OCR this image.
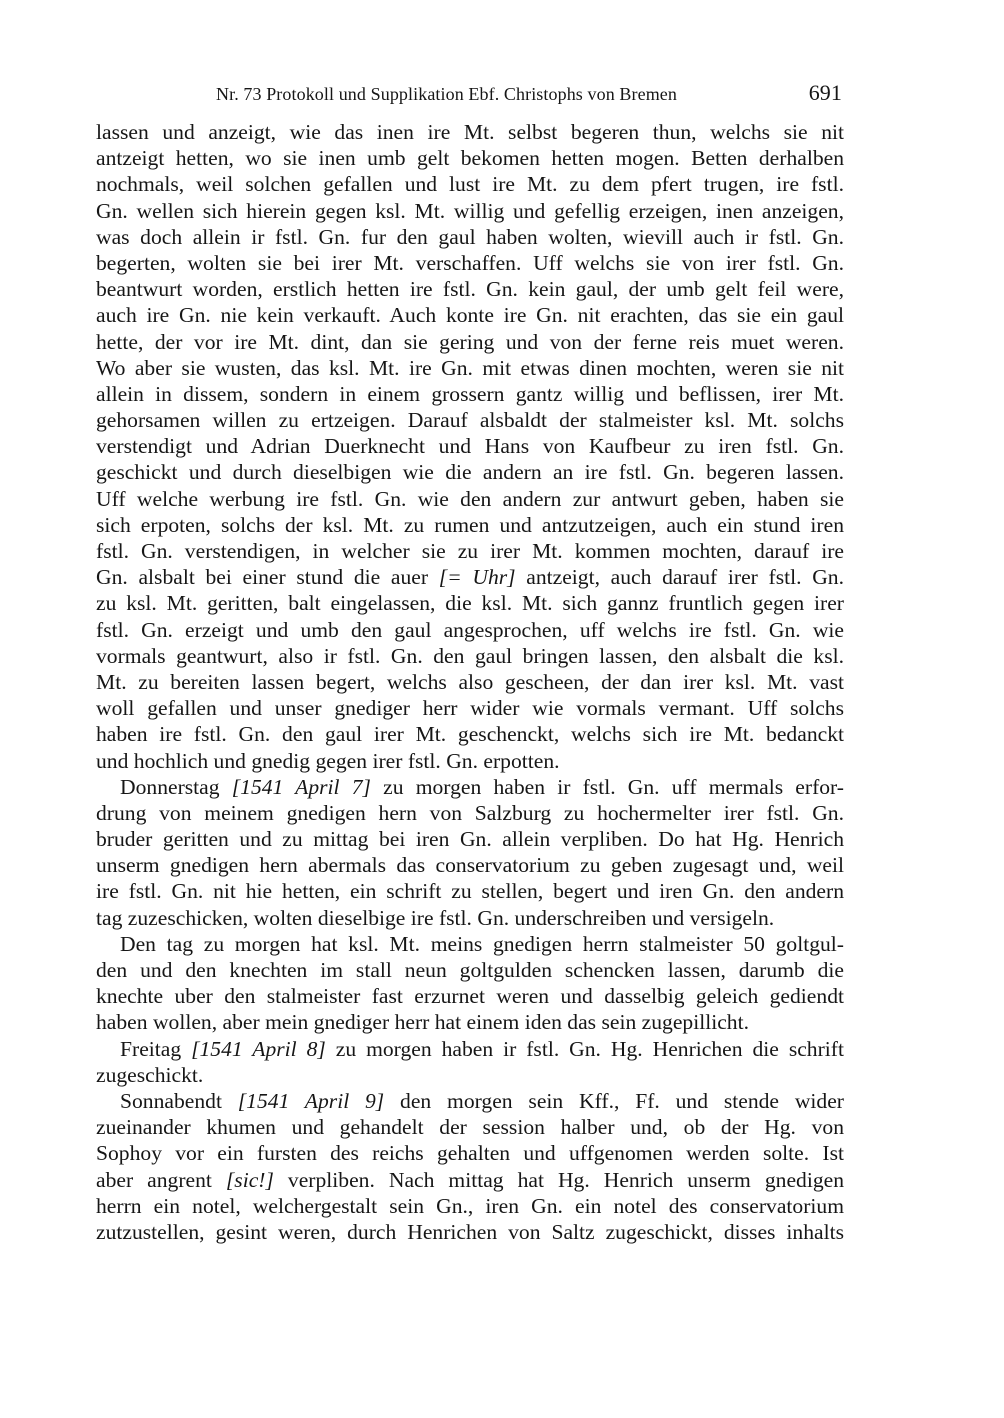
Nr. 73 Protokoll und Supplikation Ebf. Christophs von Bremen	691
lassen und anzeigt, wie das inen ire Mt. selbst begeren thun, welchs sie nit
antzeigt hetten, wo sie inen umb gelt bekomen hetten mogen. Betten derhalben
nochmals, weil solchen gefallen und lust ire Mt. zu dem pfert trugen, ire fstl.
Gn. wellen sich hierein gegen ksl. Mt. willig und gefellig erzeigen, inen anzeigen,
was doch allein ir fstl. Gn. fur den gaul haben wolten, wievill auch ir fstl. Gn.
begerten, wolten sie bei irer Mt. verschaffen. Uff welchs sie von irer fstl. Gn.
beantwurt worden, erstlich hetten ire fstl. Gn. kein gaul, der umb gelt feil were,
auch ire Gn. nie kein verkauft. Auch konte ire Gn. nit erachten, das sie ein gaul
hette, der vor ire Mt. dint, dan sie gering und von der ferne reis muet weren.
Wo aber sie wusten, das ksl. Mt. ire Gn. mit etwas dinen mochten, weren sie nit
allein in dissem, sondern in einem grossern gantz willig und beflissen, irer Mt.
gehorsamen willen zu ertzeigen. Darauf alsbaldt der stalmeister ksl. Mt. solchs
verstendigt und Adrian Duerknecht und Hans von Kaufbeur zu iren fstl. Gn.
geschickt und durch dieselbigen wie die andern an ire fstl. Gn. begeren lassen.
Uff welche werbung ire fstl. Gn. wie den andern zur antwurt geben, haben sie
sich erpoten, solchs der ksl. Mt. zu rumen und antzutzeigen, auch ein stund iren
fstl. Gn. verstendigen, in welcher sie zu irer Mt. kommen mochten, darauf ire
Gn. alsbalt bei einer stund die auer [= Uhr] antzeigt, auch darauf irer fstl. Gn.
zu ksl. Mt. geritten, balt eingelassen, die ksl. Mt. sich gannz fruntlich gegen irer
fstl. Gn. erzeigt und umb den gaul angesprochen, uff welchs ire fstl. Gn. wie
vormals geantwurt, also ir fstl. Gn. den gaul bringen lassen, den alsbalt die ksl.
Mt. zu bereiten lassen begert, welchs also gescheen, der dan irer ksl. Mt. vast
woll gefallen und unser gnediger herr wider wie vormals vermant. Uff solchs
haben ire fstl. Gn. den gaul irer Mt. geschenckt, welchs sich ire Mt. bedanckt
und hochlich und gnedig gegen irer fstl. Gn. erpotten.
Donnerstag [1541 April 7] zu morgen haben ir fstl. Gn. uff mermals erfor-
drung von meinem gnedigen hern von Salzburg zu hochermelter irer fstl. Gn.
bruder geritten und zu mittag bei iren Gn. allein verpliben. Do hat Hg. Henrich
unserm gnedigen hern abermals das conservatorium zu geben zugesagt und, weil
ire fstl. Gn. nit hie hetten, ein schrift zu stellen, begert und iren Gn. den andern
tag zuzeschicken, wolten dieselbige ire fstl. Gn. underschreiben und versigeln.
Den tag zu morgen hat ksl. Mt. meins gnedigen herrn stalmeister 50 goltgul-
den und den knechten im stall neun goltgulden schencken lassen, darumb die
knechte uber den stalmeister fast erzurnet weren und dasselbig geleich gediendt
haben wollen, aber mein gnediger herr hat einem iden das sein zugepillicht.
Freitag [1541 April 8] zu morgen haben ir fstl. Gn. Hg. Henrichen die schrift
zugeschickt.
Sonnabendt [1541 April 9] den morgen sein Kff., Ff. und stende wider
zueinander khumen und gehandelt der session halber und, ob der Hg. von
Sophoy vor ein fursten des reichs gehalten und uffgenomen werden solte. Ist
aber angrent [sic!] verpliben. Nach mittag hat Hg. Henrich unserm gnedigen
herrn ein notel, welchergestalt sein Gn., iren Gn. ein notel des conservatorium
zutzustellen, gesint weren, durch Henrichen von Saltz zugeschickt, disses inhalts
